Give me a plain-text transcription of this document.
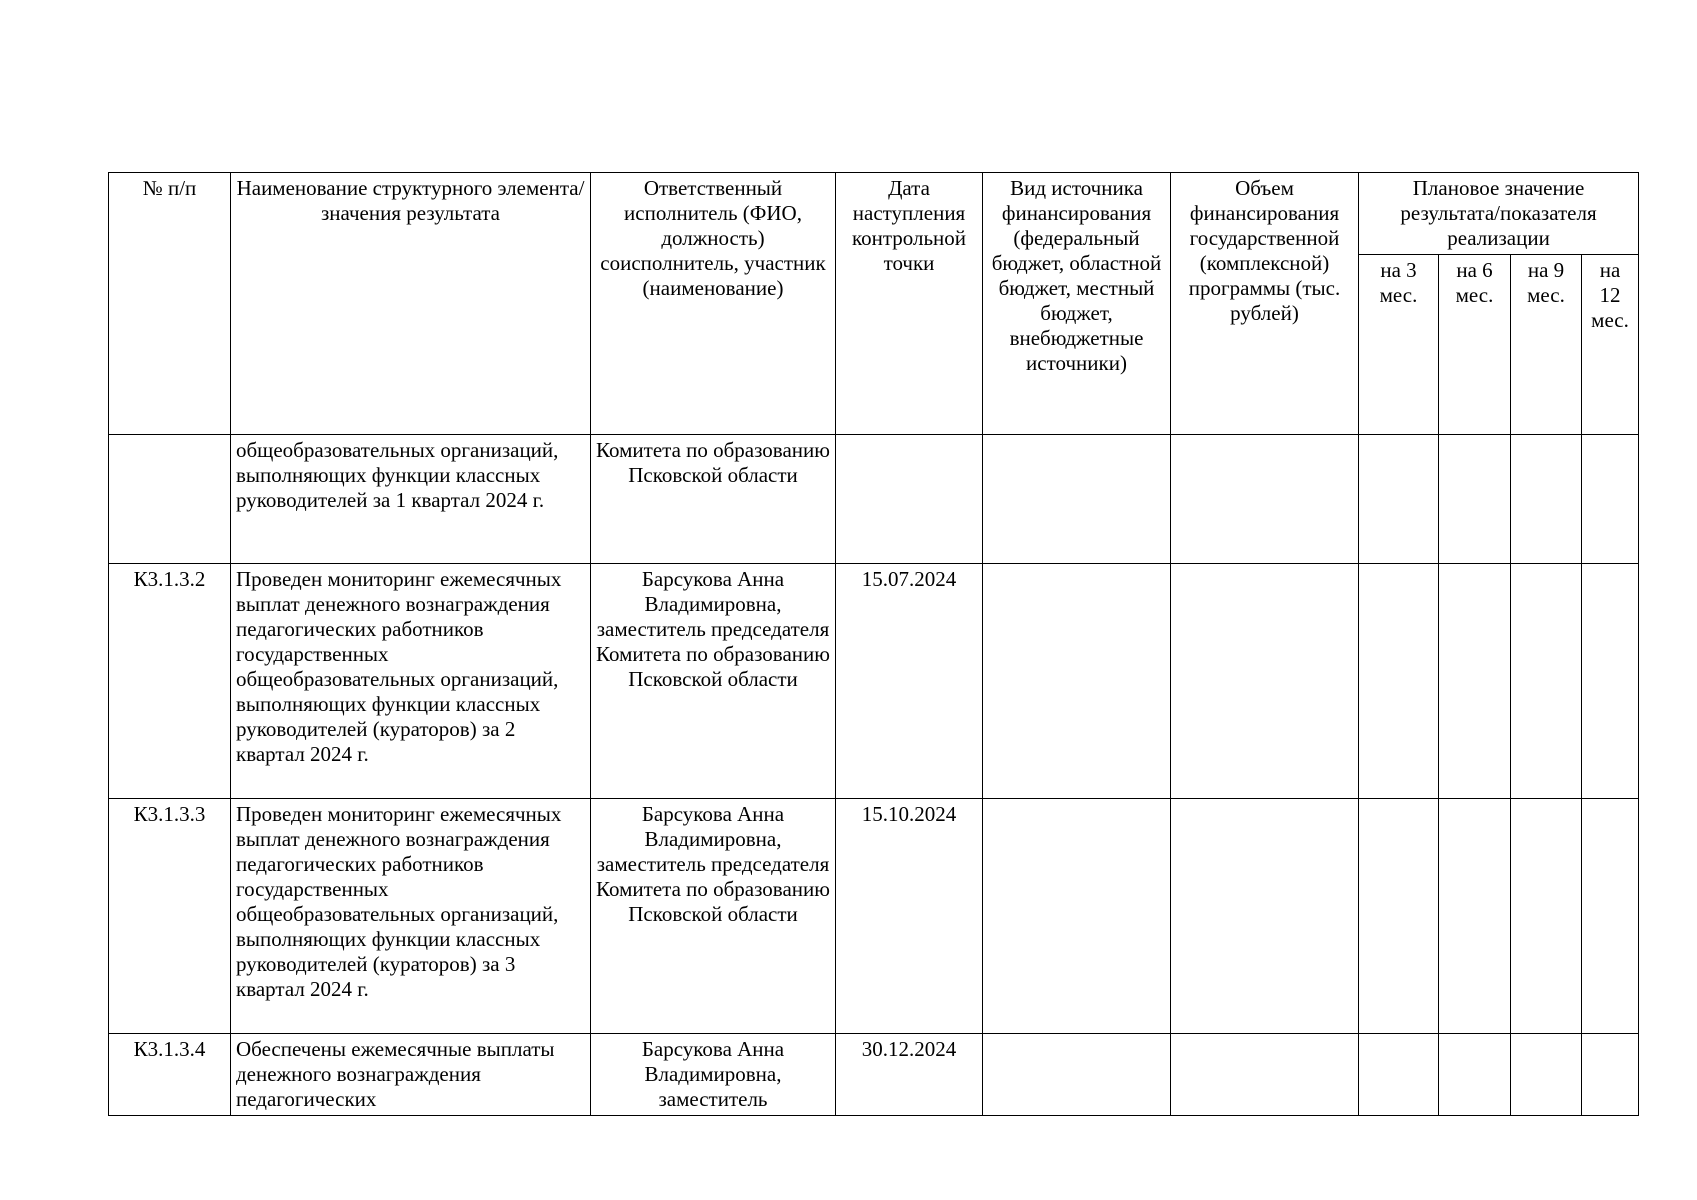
№ п/п	Наименование структурного элемента/ значения результата	Ответственный исполнитель (ФИО, должность) соисполнитель, участник (наименование)	Дата наступления контрольной точки	Вид источника финансирования (федеральный бюджет, областной бюджет, местный бюджет, внебюджетные источники)	Объем финансирования государственной (комплексной) программы (тыс. рублей)	Плановое значение результата/показателя реализации			
						на 3 мес.	на 6 мес.	на 9 мес.	на 12 мес.
	общеобразовательных организаций, выполняющих функции классных руководителей за 1 квартал 2024 г.	Комитета по образованию Псковской области							
К3.1.3.2	Проведен мониторинг ежемесячных выплат денежного вознаграждения педагогических работников государственных общеобразовательных организаций, выполняющих функции классных руководителей (кураторов) за 2 квартал 2024 г.	Барсукова Анна Владимировна, заместитель председателя Комитета по образованию Псковской области	15.07.2024						
К3.1.3.3	Проведен мониторинг ежемесячных выплат денежного вознаграждения педагогических работников государственных общеобразовательных организаций, выполняющих функции классных руководителей (кураторов) за 3 квартал 2024 г.	Барсукова Анна Владимировна, заместитель председателя Комитета по образованию Псковской области	15.10.2024						
К3.1.3.4	Обеспечены ежемесячные выплаты денежного вознаграждения педагогических	Барсукова Анна Владимировна, заместитель	30.12.2024						
